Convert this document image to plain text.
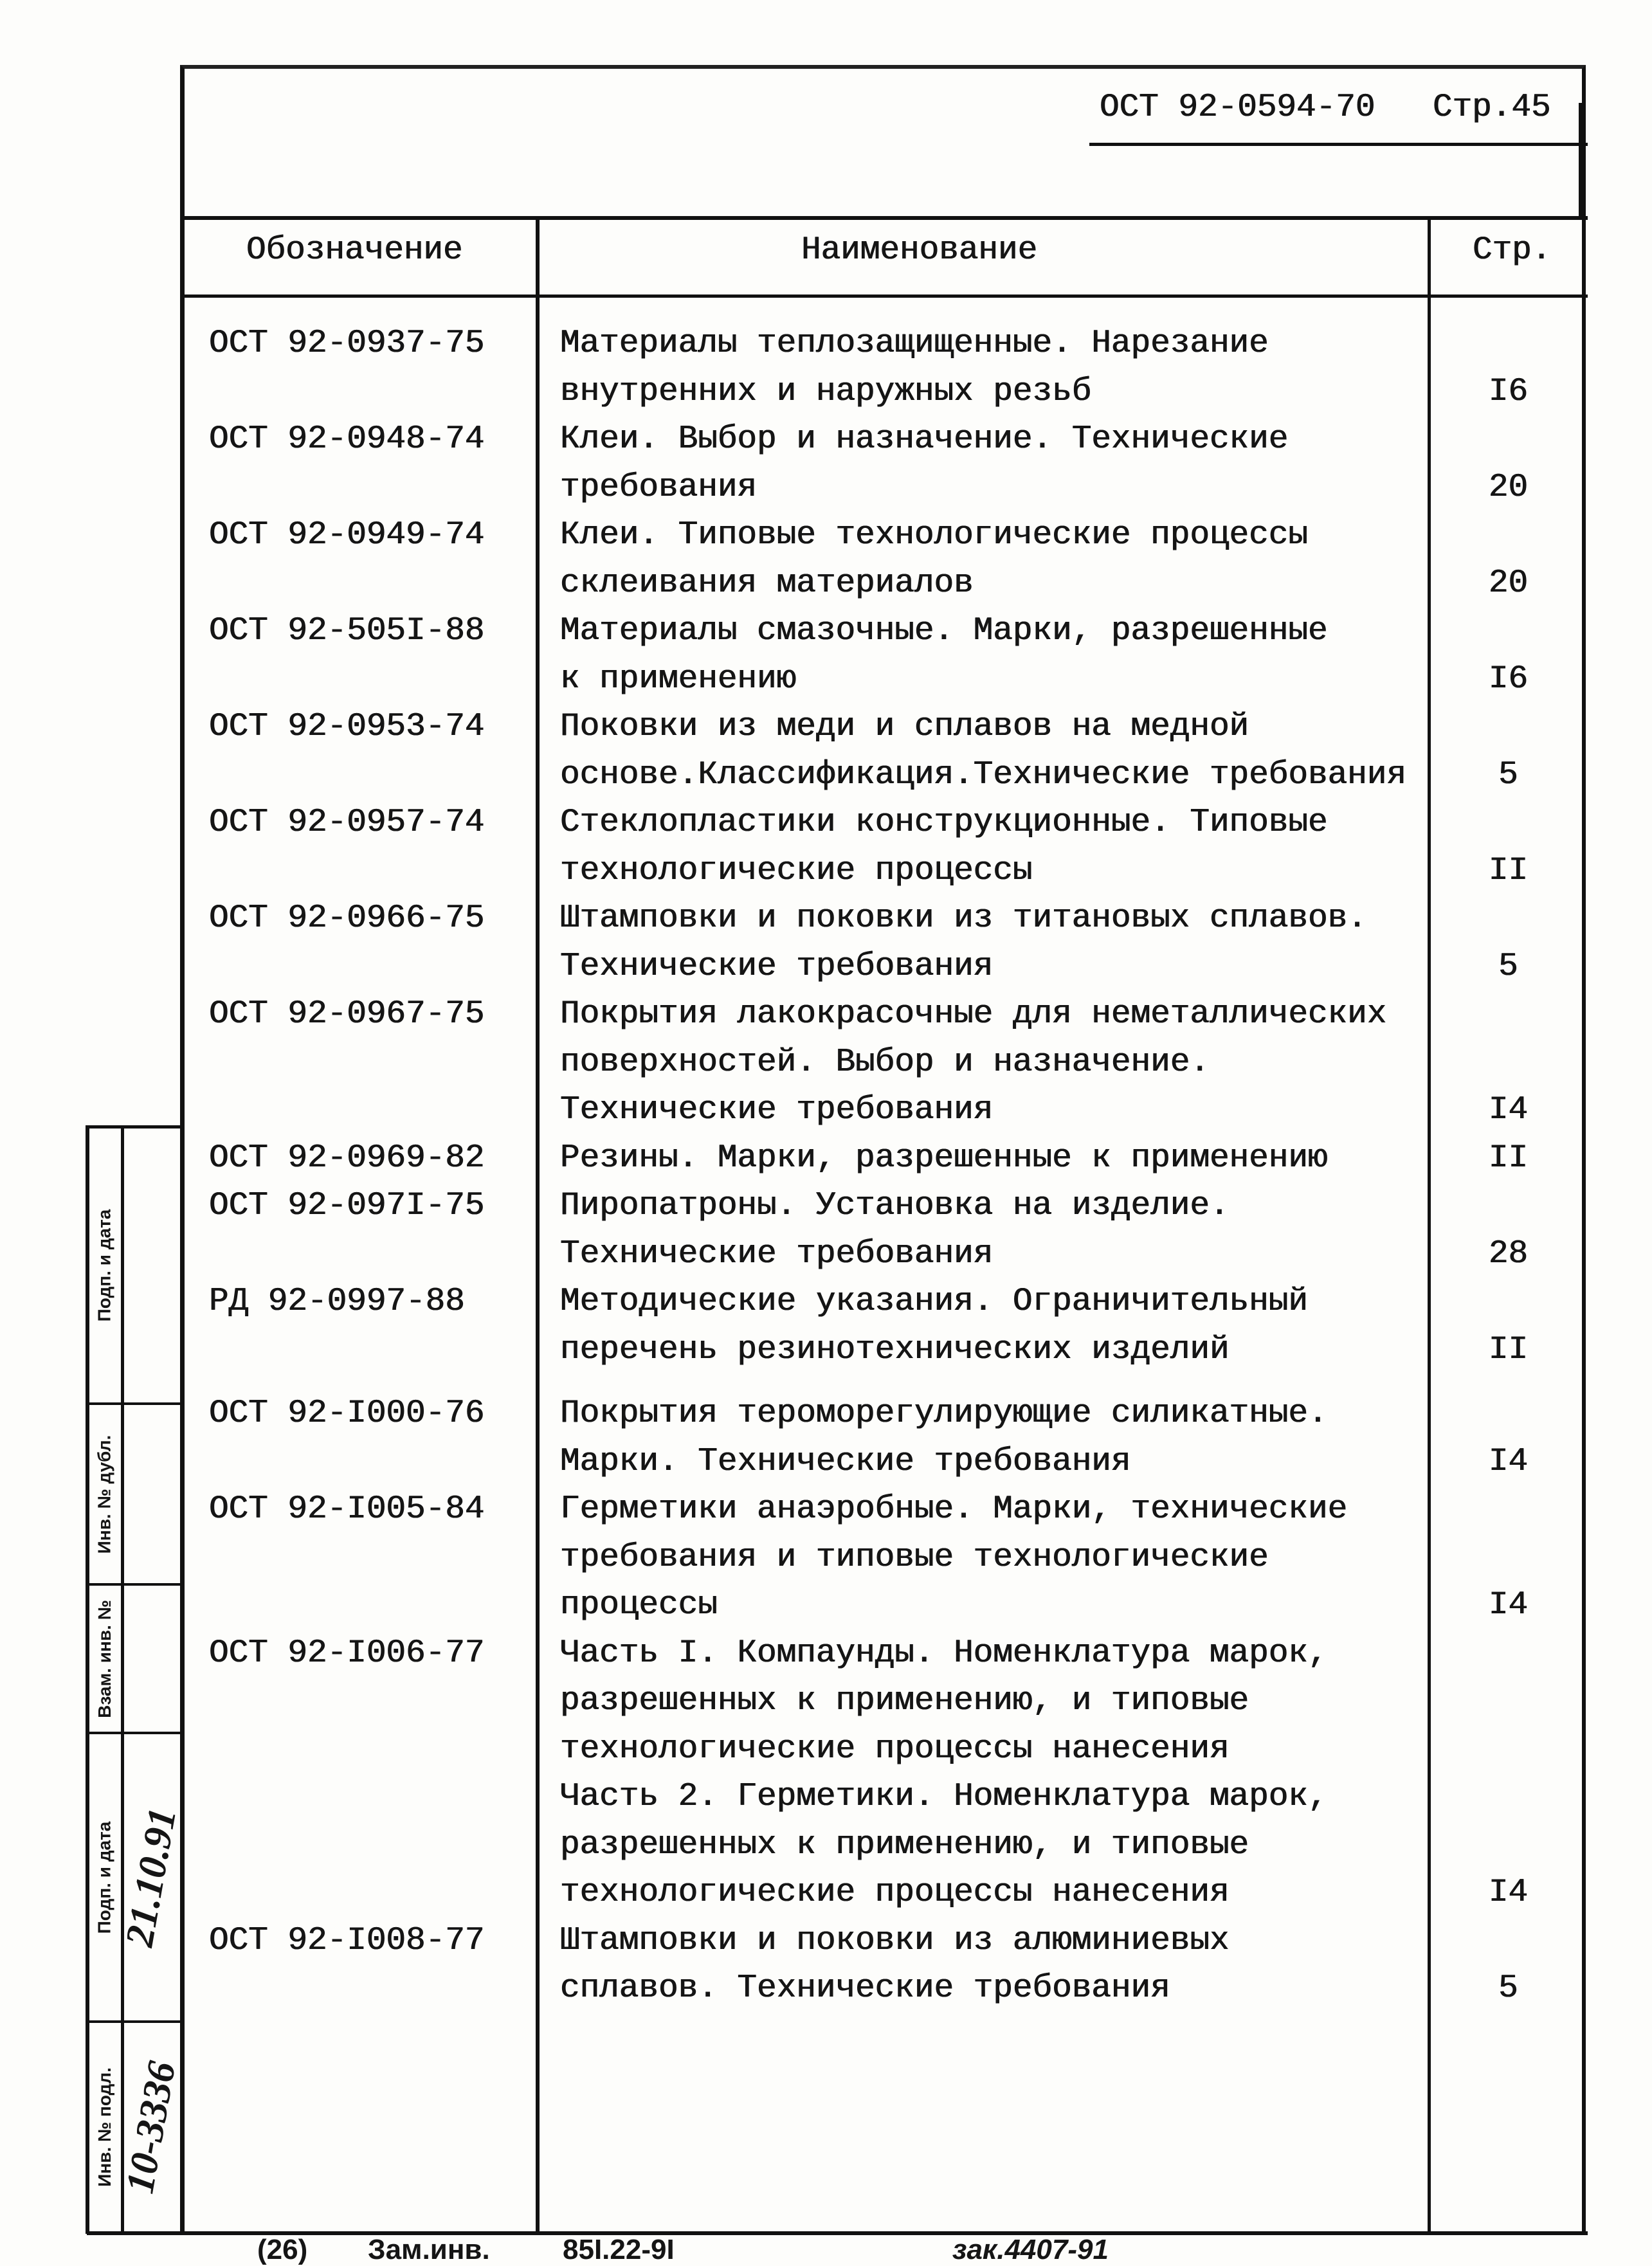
ОСТ 92-0594-70 Стр.45
Обозначение	Наименование	Стр.
ОСТ 92-0937-75 Материалы теплозащищенные. Нарезание
внутренних и наружных резьб	I6
ОСТ 92-0948-74 Клеи. Выбор и назначение. Технические
требования	20
ОСТ 92-0949-74 Клеи. Типовые технологические процессы
склеивания материалов	20
ОСТ 92-505I-88 Материалы смазочные. Марки, разрешенные
к применению	I6
ОСТ 92-0953-74 Поковки из меди и сплавов на медной
основе.Классификация.Технические требования	5
ОСТ 92-0957-74 Стеклопластики конструкционные. Типовые
технологические процессы	II
ОСТ 92-0966-75 Штамповки и поковки из титановых сплавов.
Технические требования	5
ОСТ 92-0967-75 Покрытия лакокрасочные для неметаллических
поверхностей. Выбор и назначение.
Технические требования	I4
ОСТ 92-0969-82 Резины. Марки, разрешенные к применению	II
ОСТ 92-097I-75 Пиропатроны. Установка на изделие.
Технические требования	28
РД 92-0997-88	Методические указания. Ограничительный
перечень резинотехнических изделий	II
ОСТ 92-I000-76 Покрытия тероморегулирующие силикатные.
Марки. Технические требования	I4
ОСТ 92-I005-84 Герметики анаэробные. Марки, технические
требования и типовые технологические
процессы	I4
ОСТ 92-I006-77 Часть I. Компаунды. Номенклатура марок,
разрешенных к применению, и типовые
технологические процессы нанесения
Часть 2. Герметики. Номенклатура марок,
разрешенных к применению, и типовые
технологические процессы нанесения	I4
ОСТ 92-I008-77 Штамповки и поковки из алюминиевых
сплавов. Технические требования	5
Подп. и дата
Инв. № дубл.
Взам. инв. №
Подп. и дата
Инв. № подл.
21.10.91
10-3336
(26) Зам.инв.	85I.22-9I	зак.4407-91
